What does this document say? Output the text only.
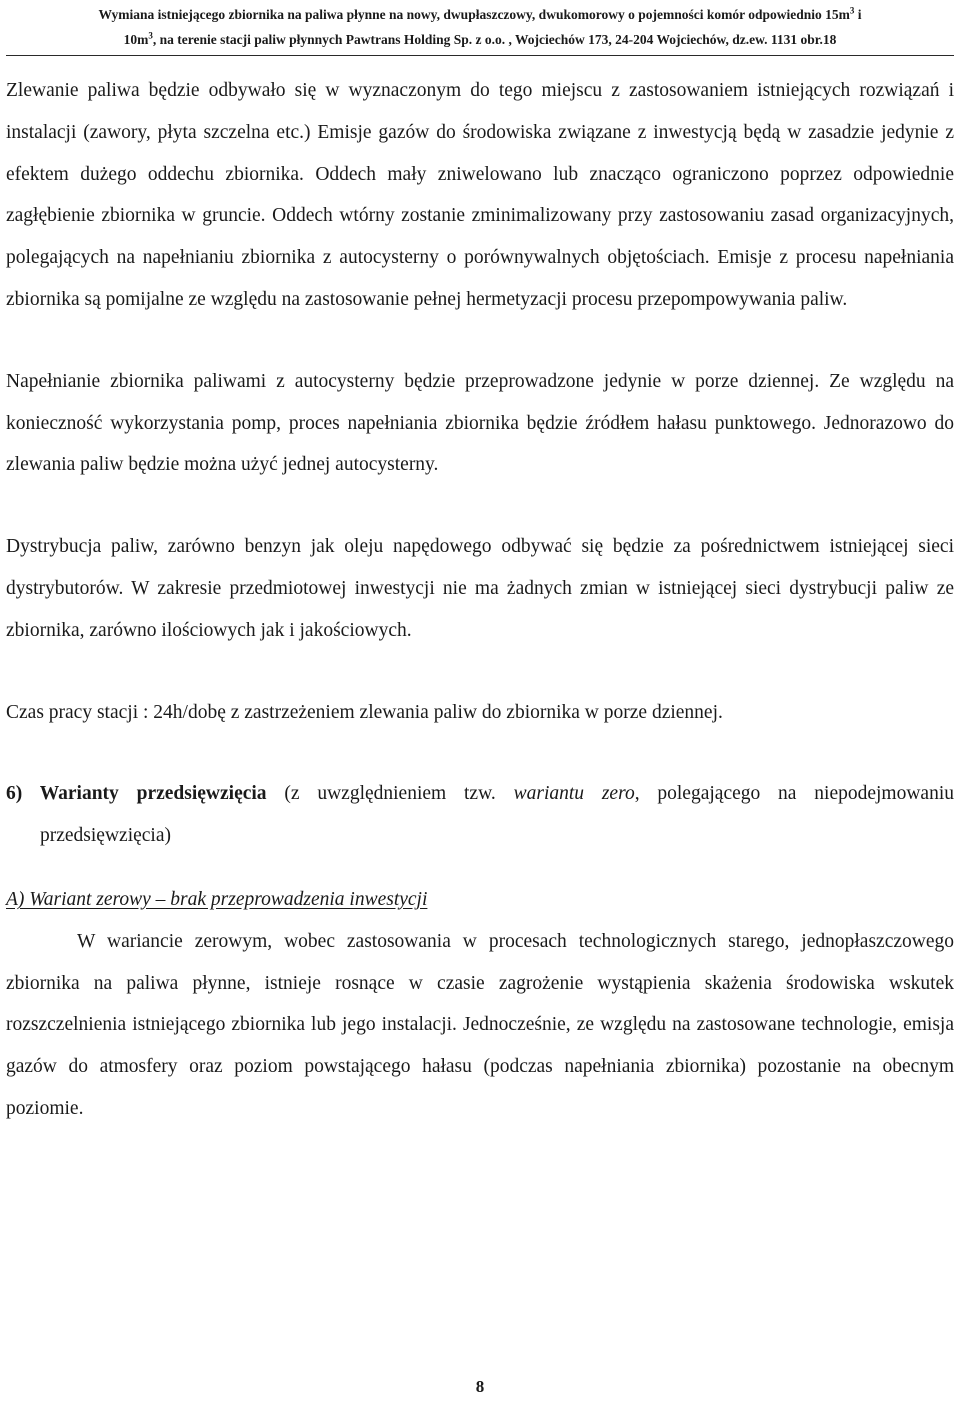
Wymiana istniejącego zbiornika na paliwa płynne na nowy, dwupłaszczowy, dwukomorowy o pojemności komór odpowiednio $15m^3$ i
$10m^3$, na terenie stacji paliw płynnych Pawtrans Holding Sp. z o.o. , Wojciechów 173, 24-204 Wojciechów, dz.ew. 1131 obr.18

Zlewanie paliwa będzie odbywało się w wyznaczonym do tego miejscu z zastosowaniem istniejących rozwiązań i instalacji (zawory, płyta szczelna etc.) Emisje gazów do środowiska związane z inwestycją będą w zasadzie jedynie z efektem dużego oddechu zbiornika. Oddech mały zniwelowano lub znacząco ograniczono poprzez odpowiednie zagłębienie zbiornika w gruncie. Oddech wtórny zostanie zminimalizowany przy zastosowaniu zasad organizacyjnych, polegających na napełnianiu zbiornika z autocysterny o porównywalnych objętościach. Emisje z procesu napełniania zbiornika są pomijalne ze względu na zastosowanie pełnej hermetyzacji procesu przepompowywania paliw.

Napełnianie zbiornika paliwami z autocysterny będzie przeprowadzone jedynie w porze dziennej. Ze względu na konieczność wykorzystania pomp, proces napełniania zbiornika będzie źródłem hałasu punktowego. Jednorazowo do zlewania paliw będzie można użyć jednej autocysterny.

Dystrybucja paliw, zarówno benzyn jak oleju napędowego odbywać się będzie za pośrednictwem istniejącej sieci dystrybutorów. W zakresie przedmiotowej inwestycji nie ma żadnych zmian w istniejącej sieci dystrybucji paliw ze zbiornika, zarówno ilościowych jak i jakościowych.

Czas pracy stacji : 24h/dobę z zastrzeżeniem zlewania paliw do zbiornika w porze dziennej.

6) Warianty przedsięwzięcia (z uwzględnieniem tzw. wariantu zero, polegającego na niepodejmowaniu przedsięwzięcia)

A) Wariant zerowy – brak przeprowadzenia inwestycji

W wariancie zerowym, wobec zastosowania w procesach technologicznych starego, jednopłaszczowego zbiornika na paliwa płynne, istnieje rosnące w czasie zagrożenie wystąpienia skażenia środowiska wskutek rozszczelnienia istniejącego zbiornika lub jego instalacji. Jednocześnie, ze względu na zastosowane technologie, emisja gazów do atmosfery oraz poziom powstającego hałasu (podczas napełniania zbiornika) pozostanie na obecnym poziomie.

8
